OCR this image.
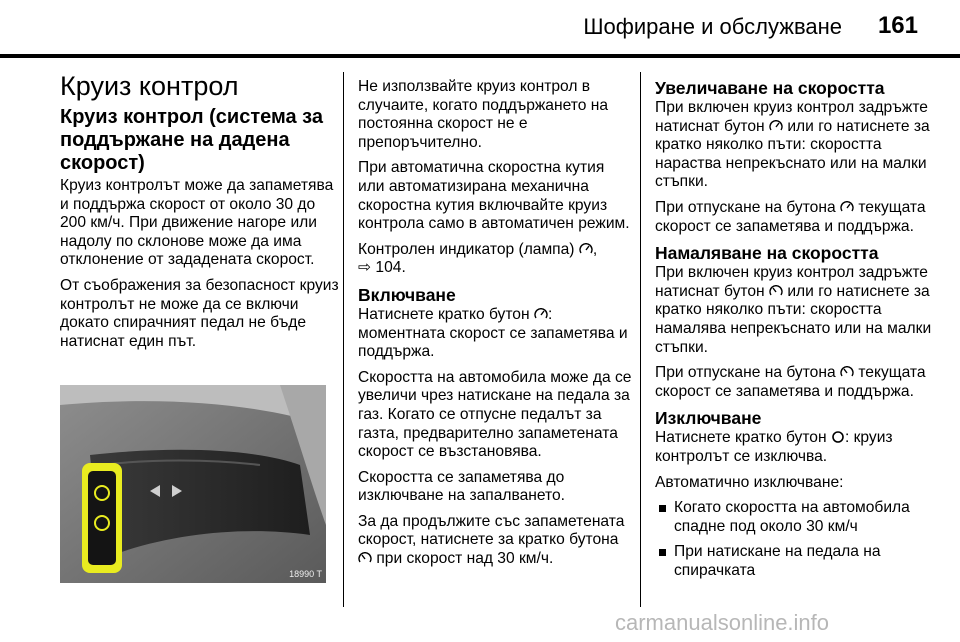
Шофиране и обслужване 161
Круиз контрол
Круиз контрол (система за поддържане на дадена скорост)

Круиз контролът може да запаметява и поддържа скорост от около 30 до 200 км/ч. При движение нагоре или надолу по склонове може да има отклонение от зададената скорост.

От съображения за безопасност круиз контролът не може да се включи докато спирачният педал не бъде натиснат един път.

18990 T

Не използвайте круиз контрол в случаите, когато поддържането на постоянна скорост не е препоръчително.

При автоматична скоростна кутия или автоматизирана механична скоростна кутия включвайте круиз контрола само в автоматичен режим.

Контролен индикатор (лампа) ,
⇨ 104.

Включване

Натиснете кратко бутон : моментната скорост се запаметява и поддържа.

Скоростта на автомобила може да се увеличи чрез натискане на педала за газ. Когато се отпусне педалът за газта, предварително запаметената скорост се възстановява.

Скоростта се запаметява до изключване на запалването.

За да продължите със запаметената скорост, натиснете за кратко бутона
при скорост над 30 км/ч.

Увеличаване на скоростта

При включен круиз контрол задръжте натиснат бутон или го натиснете за кратко няколко пъти: скоростта нараства непрекъснато или на малки стъпки.

При отпускане на бутона текущата скорост се запаметява и поддържа.

Намаляване на скоростта

При включен круиз контрол задръжте натиснат бутон или го натиснете за кратко няколко пъти: скоростта намалява непрекъснато или на малки стъпки.

При отпускане на бутона текущата скорост се запаметява и поддържа.

Изключване

Натиснете кратко бутон : круиз контролът се изключва.

Автоматично изключване:

Когато скоростта на автомобила спадне под около 30 км/ч
При натискане на педала на спирачката
carmanualsonline.info
